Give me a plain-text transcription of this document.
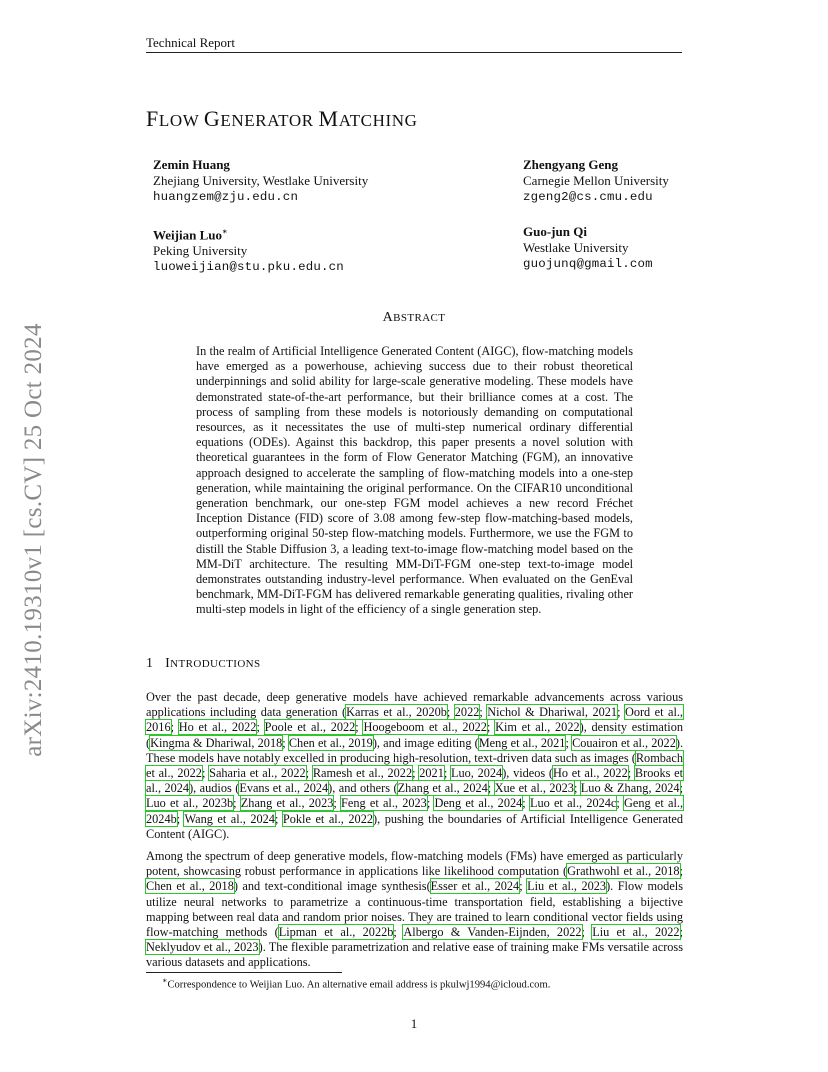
Technical Report
FLOW GENERATOR MATCHING
Zemin Huang
Zhejiang University, Westlake University
huangzem@zju.edu.cn
Zhengyang Geng
Carnegie Mellon University
zgeng2@cs.cmu.edu
Weijian Luo∗
Peking University
luoweijian@stu.pku.edu.cn
Guo-jun Qi
Westlake University
guojunq@gmail.com
arXiv:2410.19310v1 [cs.CV] 25 Oct 2024
ABSTRACT
In the realm of Artificial Intelligence Generated Content (AIGC), flow-matching models have emerged as a powerhouse, achieving success due to their robust theoretical underpinnings and solid ability for large-scale generative modeling. These models have demonstrated state-of-the-art performance, but their brilliance comes at a cost. The process of sampling from these models is notoriously demanding on computational resources, as it necessitates the use of multi-step numerical ordinary differential equations (ODEs). Against this backdrop, this paper presents a novel solution with theoretical guarantees in the form of Flow Generator Matching (FGM), an innovative approach designed to accelerate the sampling of flow-matching models into a one-step generation, while maintaining the original performance. On the CIFAR10 unconditional generation benchmark, our one-step FGM model achieves a new record Fréchet Inception Distance (FID) score of 3.08 among few-step flow-matching-based models, outperforming original 50-step flow-matching models. Furthermore, we use the FGM to distill the Stable Diffusion 3, a leading text-to-image flow-matching model based on the MM-DiT architecture. The resulting MM-DiT-FGM one-step text-to-image model demonstrates outstanding industry-level performance. When evaluated on the GenEval benchmark, MM-DiT-FGM has delivered remarkable generating qualities, rivaling other multi-step models in light of the efficiency of a single generation step.
1 INTRODUCTIONS
Over the past decade, deep generative models have achieved remarkable advancements across various applications including data generation (Karras et al., 2020b; 2022; Nichol & Dhariwal, 2021; Oord et al., 2016; Ho et al., 2022; Poole et al., 2022; Hoogeboom et al., 2022; Kim et al., 2022), density estimation (Kingma & Dhariwal, 2018; Chen et al., 2019), and image editing (Meng et al., 2021; Couairon et al., 2022). These models have notably excelled in producing high-resolution, text-driven data such as images (Rombach et al., 2022; Saharia et al., 2022; Ramesh et al., 2022; 2021; Luo, 2024), videos (Ho et al., 2022; Brooks et al., 2024), audios (Evans et al., 2024), and others (Zhang et al., 2024; Xue et al., 2023; Luo & Zhang, 2024; Luo et al., 2023b; Zhang et al., 2023; Feng et al., 2023; Deng et al., 2024; Luo et al., 2024c; Geng et al., 2024b; Wang et al., 2024; Pokle et al., 2022), pushing the boundaries of Artificial Intelligence Generated Content (AIGC).
Among the spectrum of deep generative models, flow-matching models (FMs) have emerged as particularly potent, showcasing robust performance in applications like likelihood computation (Grathwohl et al., 2018; Chen et al., 2018) and text-conditional image synthesis(Esser et al., 2024; Liu et al., 2023). Flow models utilize neural networks to parametrize a continuous-time transportation field, establishing a bijective mapping between real data and random prior noises. They are trained to learn conditional vector fields using flow-matching methods (Lipman et al., 2022b; Albergo & Vanden-Eijnden, 2022; Liu et al., 2022; Neklyudov et al., 2023). The flexible parametrization and relative ease of training make FMs versatile across various datasets and applications.
∗Correspondence to Weijian Luo. An alternative email address is pkulwj1994@icloud.com.
1
